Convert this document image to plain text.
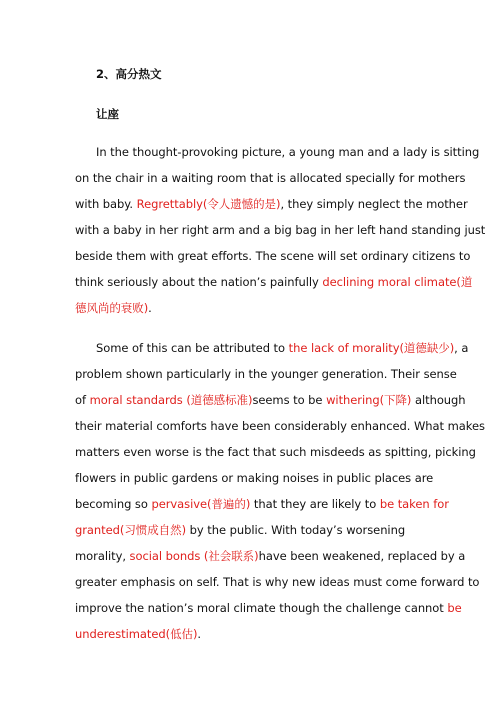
2、高分热文
让座
In the thought-provoking picture, a young man and a lady is sitting
on the chair in a waiting room that is allocated specially for mothers
with baby. Regrettably(令人遗憾的是), they simply neglect the mother
with a baby in her right arm and a big bag in her left hand standing just
beside them with great efforts. The scene will set ordinary citizens to
think seriously about the nation’s painfully declining moral climate(道
德风尚的衰败).
Some of this can be attributed to the lack of morality(道德缺少), a
problem shown particularly in the younger generation. Their sense
of moral standards (道德感标准)seems to be withering(下降) although
their material comforts have been considerably enhanced. What makes
matters even worse is the fact that such misdeeds as spitting, picking
flowers in public gardens or making noises in public places are
becoming so pervasive(普遍的) that they are likely to be taken for
granted(习惯成自然) by the public. With today’s worsening
morality, social bonds (社会联系)have been weakened, replaced by a
greater emphasis on self. That is why new ideas must come forward to
improve the nation’s moral climate though the challenge cannot be
underestimated(低估).
